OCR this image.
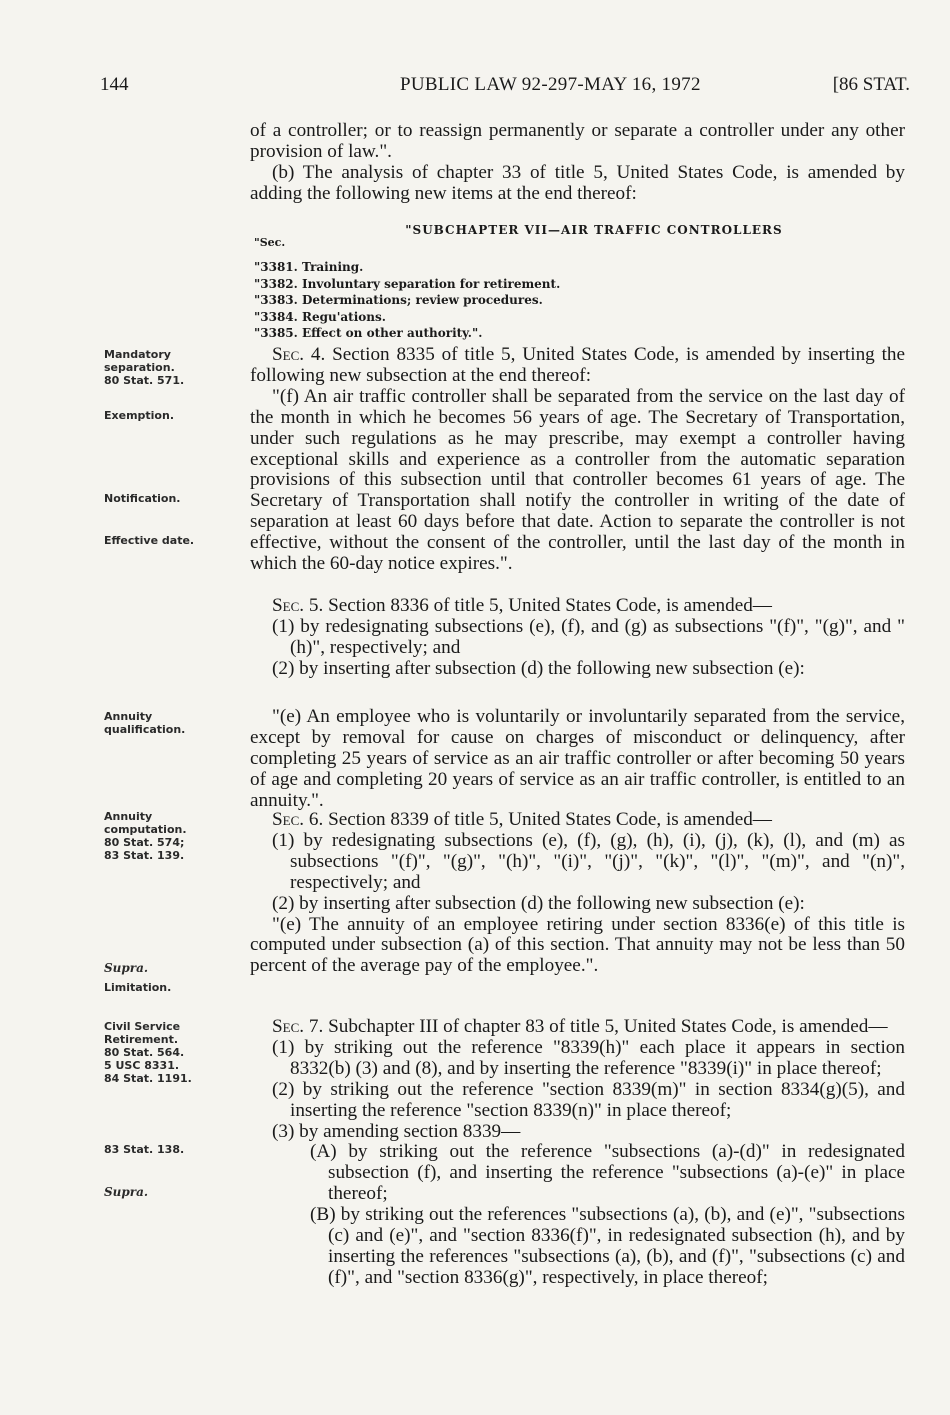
144	PUBLIC LAW 92-297-MAY 16, 1972	[86 STAT.

of a controller; or to reassign permanently or separate a controller under any other provision of law.".

(b) The analysis of chapter 33 of title 5, United States Code, is amended by adding the following new items at the end thereof:

"SUBCHAPTER VII—AIR TRAFFIC CONTROLLERS
"Sec.
"3381. Training.
"3382. Involuntary separation for retirement.
"3383. Determinations; review procedures.
"3384. Regu'ations.
"3385. Effect on other authority.".

Sec. 4. Section 8335 of title 5, United States Code, is amended by inserting the following new subsection at the end thereof:

"(f) An air traffic controller shall be separated from the service on the last day of the month in which he becomes 56 years of age. The Secretary of Transportation, under such regulations as he may prescribe, may exempt a controller having exceptional skills and experience as a controller from the automatic separation provisions of this subsection until that controller becomes 61 years of age. The Secretary of Transportation shall notify the controller in writing of the date of separation at least 60 days before that date. Action to separate the controller is not effective, without the consent of the controller, until the last day of the month in which the 60-day notice expires.".

Sec. 5. Section 8336 of title 5, United States Code, is amended—

(1) by redesignating subsections (e), (f), and (g) as subsections "(f)", "(g)", and "(h)", respectively; and

(2) by inserting after subsection (d) the following new subsection (e):

"(e) An employee who is voluntarily or involuntarily separated from the service, except by removal for cause on charges of misconduct or delinquency, after completing 25 years of service as an air traffic controller or after becoming 50 years of age and completing 20 years of service as an air traffic controller, is entitled to an annuity.".

Sec. 6. Section 8339 of title 5, United States Code, is amended—

(1) by redesignating subsections (e), (f), (g), (h), (i), (j), (k), (l), and (m) as subsections "(f)", "(g)", "(h)", "(i)", "(j)", "(k)", "(l)", "(m)", and "(n)", respectively; and

(2) by inserting after subsection (d) the following new subsection (e):

"(e) The annuity of an employee retiring under section 8336(e) of this title is computed under subsection (a) of this section. That annuity may not be less than 50 percent of the average pay of the employee.".

Sec. 7. Subchapter III of chapter 83 of title 5, United States Code, is amended—

(1) by striking out the reference "8339(h)" each place it appears in section 8332(b) (3) and (8), and by inserting the reference "8339(i)" in place thereof;

(2) by striking out the reference "section 8339(m)" in section 8334(g)(5), and inserting the reference "section 8339(n)" in place thereof;

(3) by amending section 8339—

(A) by striking out the reference "subsections (a)-(d)" in redesignated subsection (f), and inserting the reference "subsections (a)-(e)" in place thereof;

(B) by striking out the references "subsections (a), (b), and (e)", "subsections (c) and (e)", and "section 8336(f)", in redesignated subsection (h), and by inserting the references "subsections (a), (b), and (f)", "subsections (c) and (f)", and "section 8336(g)", respectively, in place thereof;

Mandatory separation.
80 Stat. 571.
Exemption.
Notification.
Effective date.
Annuity qualification.
Annuity computation.
80 Stat. 574;
83 Stat. 139.
Supra.
Limitation.
Civil Service Retirement.
80 Stat. 564.
5 USC 8331.
84 Stat. 1191.
83 Stat. 138.
Supra.
